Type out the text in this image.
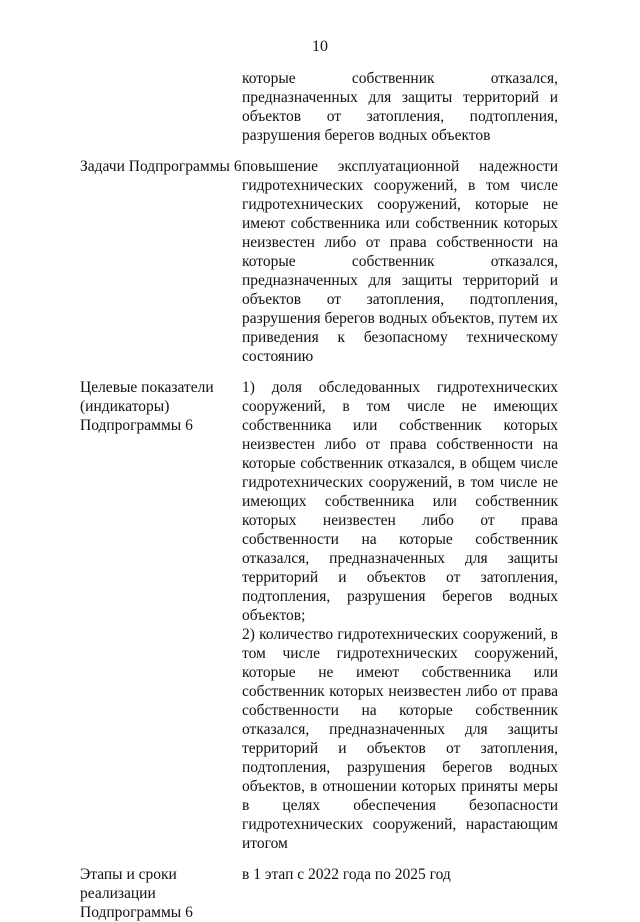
10

которые собственник отказался, предназначенных для защиты территорий и объектов от затопления, подтопления, разрушения берегов водных объектов

Задачи Подпрограммы 6 повышение эксплуатационной надежности гидротехнических сооружений, в том числе гидротехнических сооружений, которые не имеют собственника или собственник которых неизвестен либо от права собственности на которые собственник отказался, предназначенных для защиты территорий и объектов от затопления, подтопления, разрушения берегов водных объектов, путем их приведения к безопасному техническому состоянию

Целевые показатели (индикаторы) Подпрограммы 6

1) доля обследованных гидротехнических сооружений, в том числе не имеющих собственника или собственник которых неизвестен либо от права собственности на которые собственник отказался, в общем числе гидротехнических сооружений, в том числе не имеющих собственника или собственник которых неизвестен либо от права собственности на которые собственник отказался, предназначенных для защиты территорий и объектов от затопления, подтопления, разрушения берегов водных объектов;

2) количество гидротехнических сооружений, в том числе гидротехнических сооружений, которые не имеют собственника или собственник которых неизвестен либо от права собственности на которые собственник отказался, предназначенных для защиты территорий и объектов от затопления, подтопления, разрушения берегов водных объектов, в отношении которых приняты меры в целях обеспечения безопасности гидротехнических сооружений, нарастающим итогом

Этапы и сроки реализации Подпрограммы 6

в 1 этап с 2022 года по 2025 год
